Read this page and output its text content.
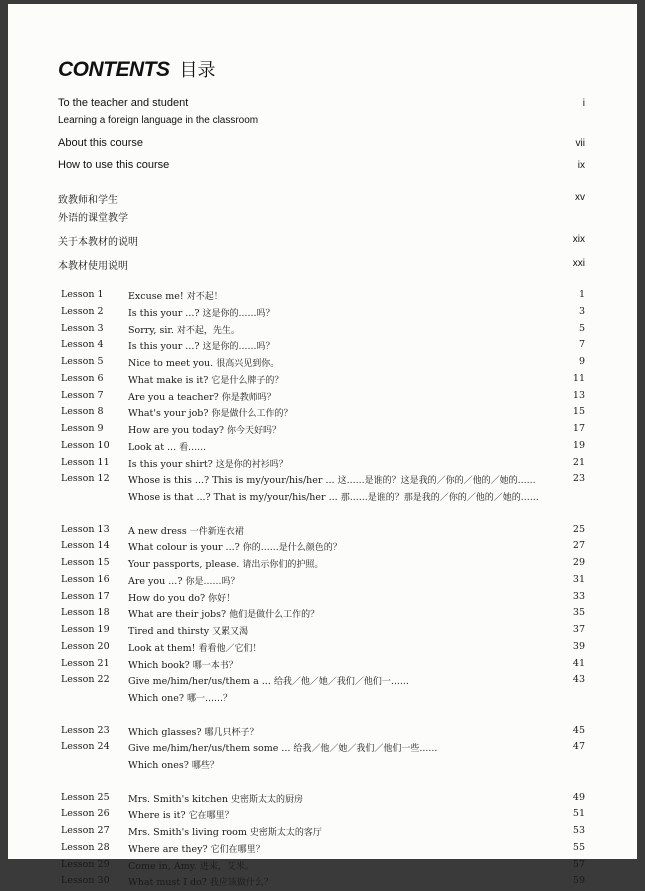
CONTENTS 目录
To the teacher and student	i
Learning a foreign language in the classroom
About this course	vii
How to use this course	ix
致教师和学生	xv
外语的课堂教学
关于本教材的说明	xix
本教材使用说明	xxi
Lesson 1	Excuse me! 对不起！	1
Lesson 2	Is this your ...? 这是你的……吗？	3
Lesson 3	Sorry, sir. 对不起，先生。	5
Lesson 4	Is this your ...? 这是你的……吗？	7
Lesson 5	Nice to meet you. 很高兴见到你。	9
Lesson 6	What make is it? 它是什么牌子的？	11
Lesson 7	Are you a teacher? 你是教师吗？	13
Lesson 8	What's your job? 你是做什么工作的？	15
Lesson 9	How are you today? 你今天好吗？	17
Lesson 10 Look at ... 看……	19
Lesson 11 Is this your shirt? 这是你的衬衫吗？	21
Lesson 12 Whose is this ...? This is my/your/his/her ... 这……是谁的？这是我的／你的／他的／她的……	23
Whose is that ...? That is my/your/his/her ... 那……是谁的？那是我的／你的／他的／她的……
Lesson 13 A new dress 一件新连衣裙	25
Lesson 14 What colour is your ...? 你的……是什么颜色的？	27
Lesson 15 Your passports, please. 请出示你们的护照。	29
Lesson 16 Are you ...? 你是……吗？	31
Lesson 17 How do you do? 你好！	33
Lesson 18 What are their jobs? 他们是做什么工作的？	35
Lesson 19 Tired and thirsty 又累又渴	37
Lesson 20 Look at them! 看看他／它们！	39
Lesson 21 Which book? 哪一本书？	41
Lesson 22 Give me/him/her/us/them a ... 给我／他／她／我们／他们一……	43
Which one? 哪一……？
Lesson 23 Which glasses? 哪几只杯子？	45
Lesson 24 Give me/him/her/us/them some ... 给我／他／她／我们／他们一些……	47
Which ones? 哪些？
Lesson 25 Mrs. Smith's kitchen 史密斯太太的厨房	49
Lesson 26 Where is it? 它在哪里？	51
Lesson 27 Mrs. Smith's living room 史密斯太太的客厅	53
Lesson 28 Where are they? 它们在哪里？	55
Lesson 29 Come in, Amy. 进来，艾米。	57
Lesson 30 What must I do? 我应该做什么？	59
